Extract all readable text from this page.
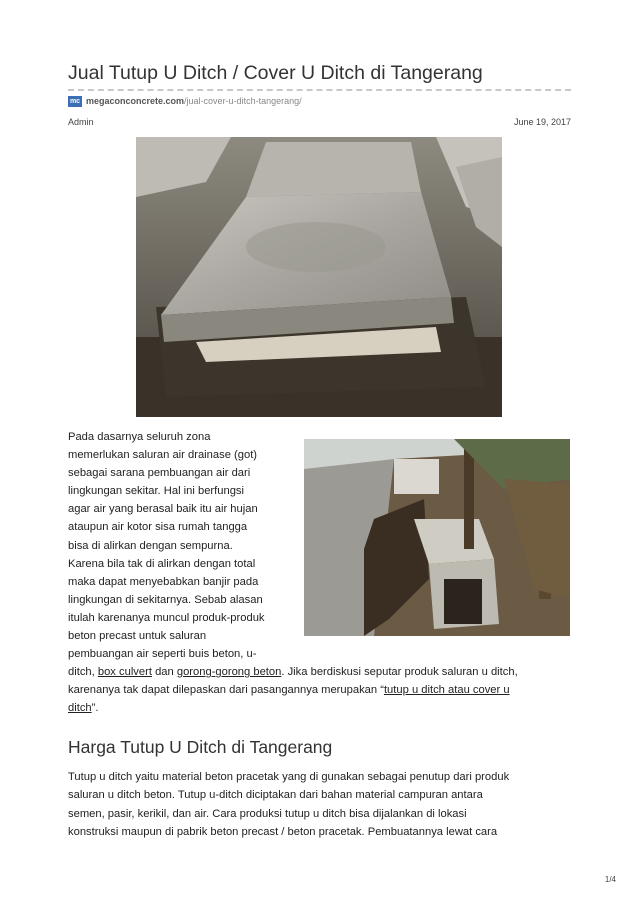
Jual Tutup U Ditch / Cover U Ditch di Tangerang
mc megaconconcrete.com /jual-cover-u-ditch-tangerang/
Admin	June 19, 2017
Pada dasarnya seluruh zona
memerlukan saluran air drainase (got)
sebagai sarana pembuangan air dari
lingkungan sekitar. Hal ini berfungsi
agar air yang berasal baik itu air hujan
ataupun air kotor sisa rumah tangga
bisa di alirkan dengan sempurna.
Karena bila tak di alirkan dengan total
maka dapat menyebabkan banjir pada
lingkungan di sekitarnya. Sebab alasan
itulah karenanya muncul produk-produk
beton precast untuk saluran
pembuangan air seperti buis beton, u-
ditch, box culvert dan gorong-gorong beton. Jika berdiskusi seputar produk saluran u ditch,
karenanya tak dapat dilepaskan dari pasangannya merupakan “tutup u ditch atau cover u
ditch”.
Harga Tutup U Ditch di Tangerang
Tutup u ditch yaitu material beton pracetak yang di gunakan sebagai penutup dari produk
saluran u ditch beton. Tutup u-ditch diciptakan dari bahan material campuran antara
semen, pasir, kerikil, dan air. Cara produksi tutup u ditch bisa dijalankan di lokasi
konstruksi maupun di pabrik beton precast / beton pracetak. Pembuatannya lewat cara
1/4
